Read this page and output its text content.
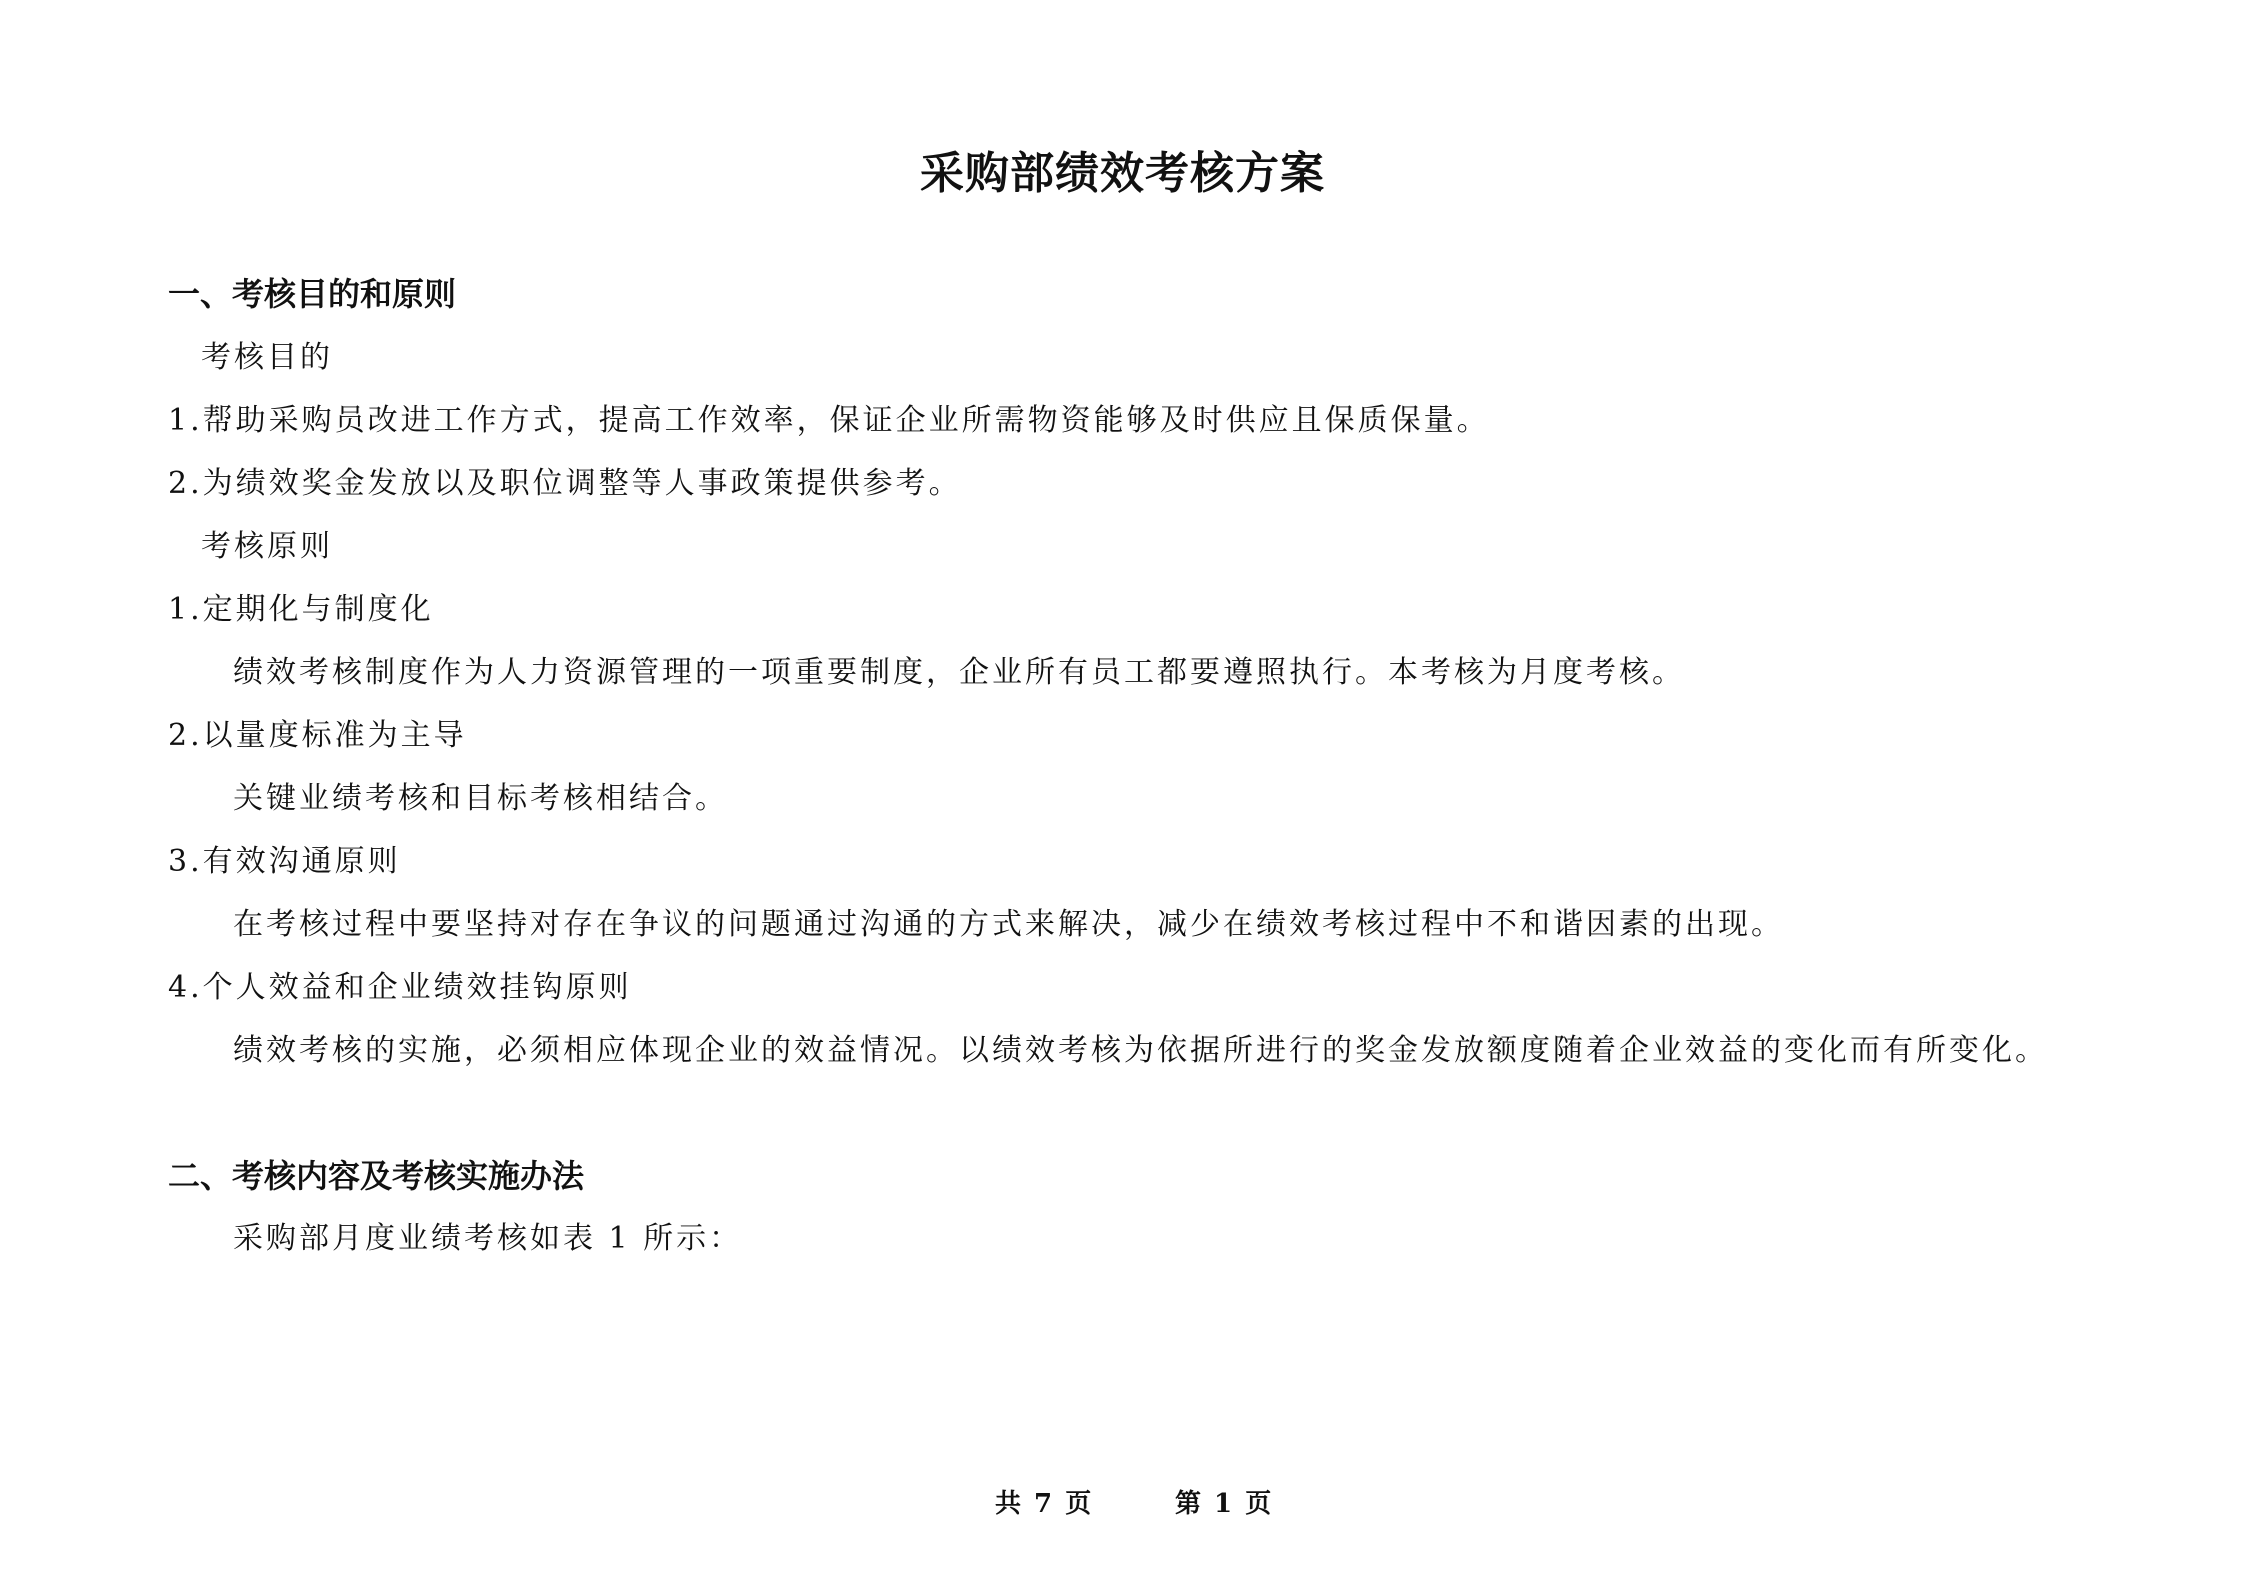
采购部绩效考核方案
一、考核目的和原则
考核目的
1.帮助采购员改进工作方式，提高工作效率，保证企业所需物资能够及时供应且保质保量。
2.为绩效奖金发放以及职位调整等人事政策提供参考。
考核原则
1.定期化与制度化
绩效考核制度作为人力资源管理的一项重要制度，企业所有员工都要遵照执行。本考核为月度考核。
2.以量度标准为主导
关键业绩考核和目标考核相结合。
3.有效沟通原则
在考核过程中要坚持对存在争议的问题通过沟通的方式来解决，减少在绩效考核过程中不和谐因素的出现。
4.个人效益和企业绩效挂钩原则
绩效考核的实施，必须相应体现企业的效益情况。以绩效考核为依据所进行的奖金发放额度随着企业效益的变化而有所变化。
二、考核内容及考核实施办法
采购部月度业绩考核如表 1 所示：
共 7 页	第 1 页
